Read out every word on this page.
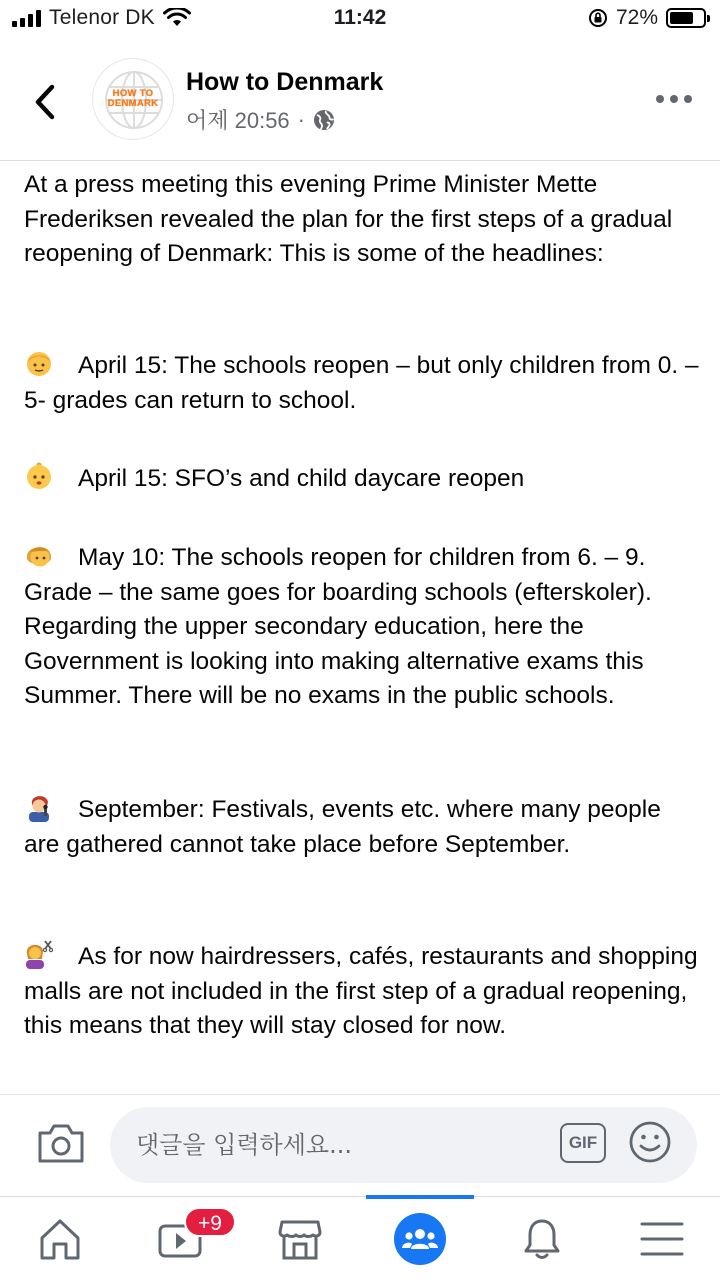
Telenor DK	11:42	72%
HOW TO
DENMARK
How to Denmark
어제 20:56 ·
At a press meeting this evening Prime Minister Mette Frederiksen revealed the plan for the first steps of a gradual reopening of Denmark: This is some of the headlines:
April 15: The schools reopen – but only children from 0. – 5- grades can return to school.
April 15: SFO’s and child daycare reopen
May 10: The schools reopen for children from 6. – 9. Grade – the same goes for boarding schools (efterskoler). Regarding the upper secondary education, here the Government is looking into making alternative exams this Summer. There will be no exams in the public schools.
September: Festivals, events etc. where many people are gathered cannot take place before September.
As for now hairdressers, cafés, restaurants and shopping malls are not included in the first step of a gradual reopening, this means that they will stay closed for now.
댓글을 입력하세요...
GIF
+9
